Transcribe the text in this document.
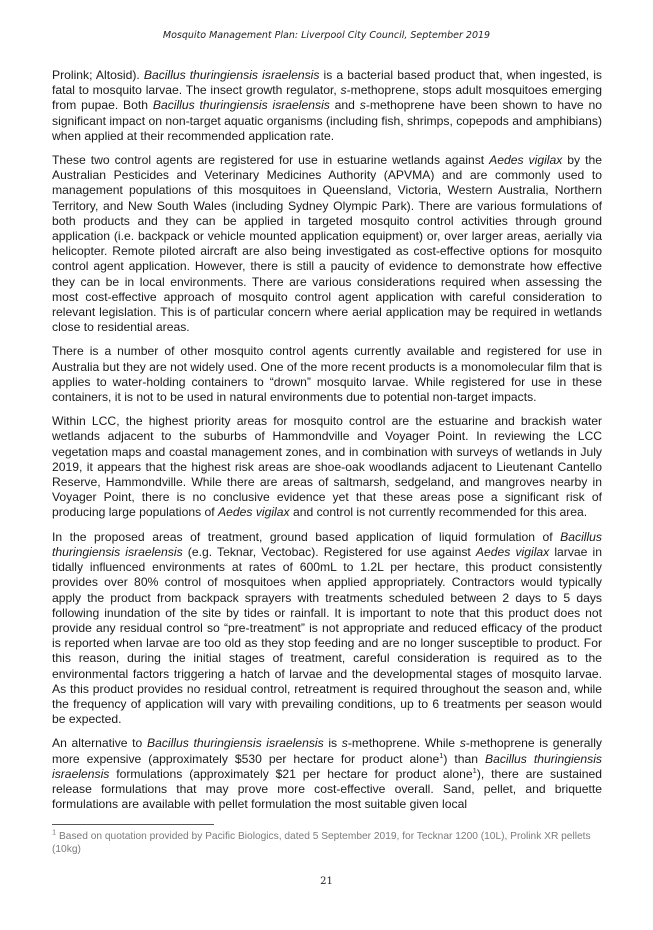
Mosquito Management Plan: Liverpool City Council, September 2019

Prolink; Altosid). Bacillus thuringiensis israelensis is a bacterial based product that, when ingested, is fatal to mosquito larvae. The insect growth regulator, s-methoprene, stops adult mosquitoes emerging from pupae. Both Bacillus thuringiensis israelensis and s-methoprene have been shown to have no significant impact on non-target aquatic organisms (including fish, shrimps, copepods and amphibians) when applied at their recommended application rate.

These two control agents are registered for use in estuarine wetlands against Aedes vigilax by the Australian Pesticides and Veterinary Medicines Authority (APVMA) and are commonly used to management populations of this mosquitoes in Queensland, Victoria, Western Australia, Northern Territory, and New South Wales (including Sydney Olympic Park). There are various formulations of both products and they can be applied in targeted mosquito control activities through ground application (i.e. backpack or vehicle mounted application equipment) or, over larger areas, aerially via helicopter. Remote piloted aircraft are also being investigated as cost-effective options for mosquito control agent application. However, there is still a paucity of evidence to demonstrate how effective they can be in local environments. There are various considerations required when assessing the most cost-effective approach of mosquito control agent application with careful consideration to relevant legislation. This is of particular concern where aerial application may be required in wetlands close to residential areas.

There is a number of other mosquito control agents currently available and registered for use in Australia but they are not widely used. One of the more recent products is a monomolecular film that is applies to water-holding containers to “drown” mosquito larvae. While registered for use in these containers, it is not to be used in natural environments due to potential non-target impacts.

Within LCC, the highest priority areas for mosquito control are the estuarine and brackish water wetlands adjacent to the suburbs of Hammondville and Voyager Point. In reviewing the LCC vegetation maps and coastal management zones, and in combination with surveys of wetlands in July 2019, it appears that the highest risk areas are shoe-oak woodlands adjacent to Lieutenant Cantello Reserve, Hammondville. While there are areas of saltmarsh, sedgeland, and mangroves nearby in Voyager Point, there is no conclusive evidence yet that these areas pose a significant risk of producing large populations of Aedes vigilax and control is not currently recommended for this area.

In the proposed areas of treatment, ground based application of liquid formulation of Bacillus thuringiensis israelensis (e.g. Teknar, Vectobac). Registered for use against Aedes vigilax larvae in tidally influenced environments at rates of 600mL to 1.2L per hectare, this product consistently provides over 80% control of mosquitoes when applied appropriately. Contractors would typically apply the product from backpack sprayers with treatments scheduled between 2 days to 5 days following inundation of the site by tides or rainfall. It is important to note that this product does not provide any residual control so “pre-treatment” is not appropriate and reduced efficacy of the product is reported when larvae are too old as they stop feeding and are no longer susceptible to product. For this reason, during the initial stages of treatment, careful consideration is required as to the environmental factors triggering a hatch of larvae and the developmental stages of mosquito larvae. As this product provides no residual control, retreatment is required throughout the season and, while the frequency of application will vary with prevailing conditions, up to 6 treatments per season would be expected.

An alternative to Bacillus thuringiensis israelensis is s-methoprene. While s-methoprene is generally more expensive (approximately $530 per hectare for product alone$^1$) than Bacillus thuringiensis israelensis formulations (approximately $21 per hectare for product alone$^1$), there are sustained release formulations that may prove more cost-effective overall. Sand, pellet, and briquette formulations are available with pellet formulation the most suitable given local

$^1$ Based on quotation provided by Pacific Biologics, dated 5 September 2019, for Tecknar 1200 (10L), Prolink XR pellets (10kg)
21
